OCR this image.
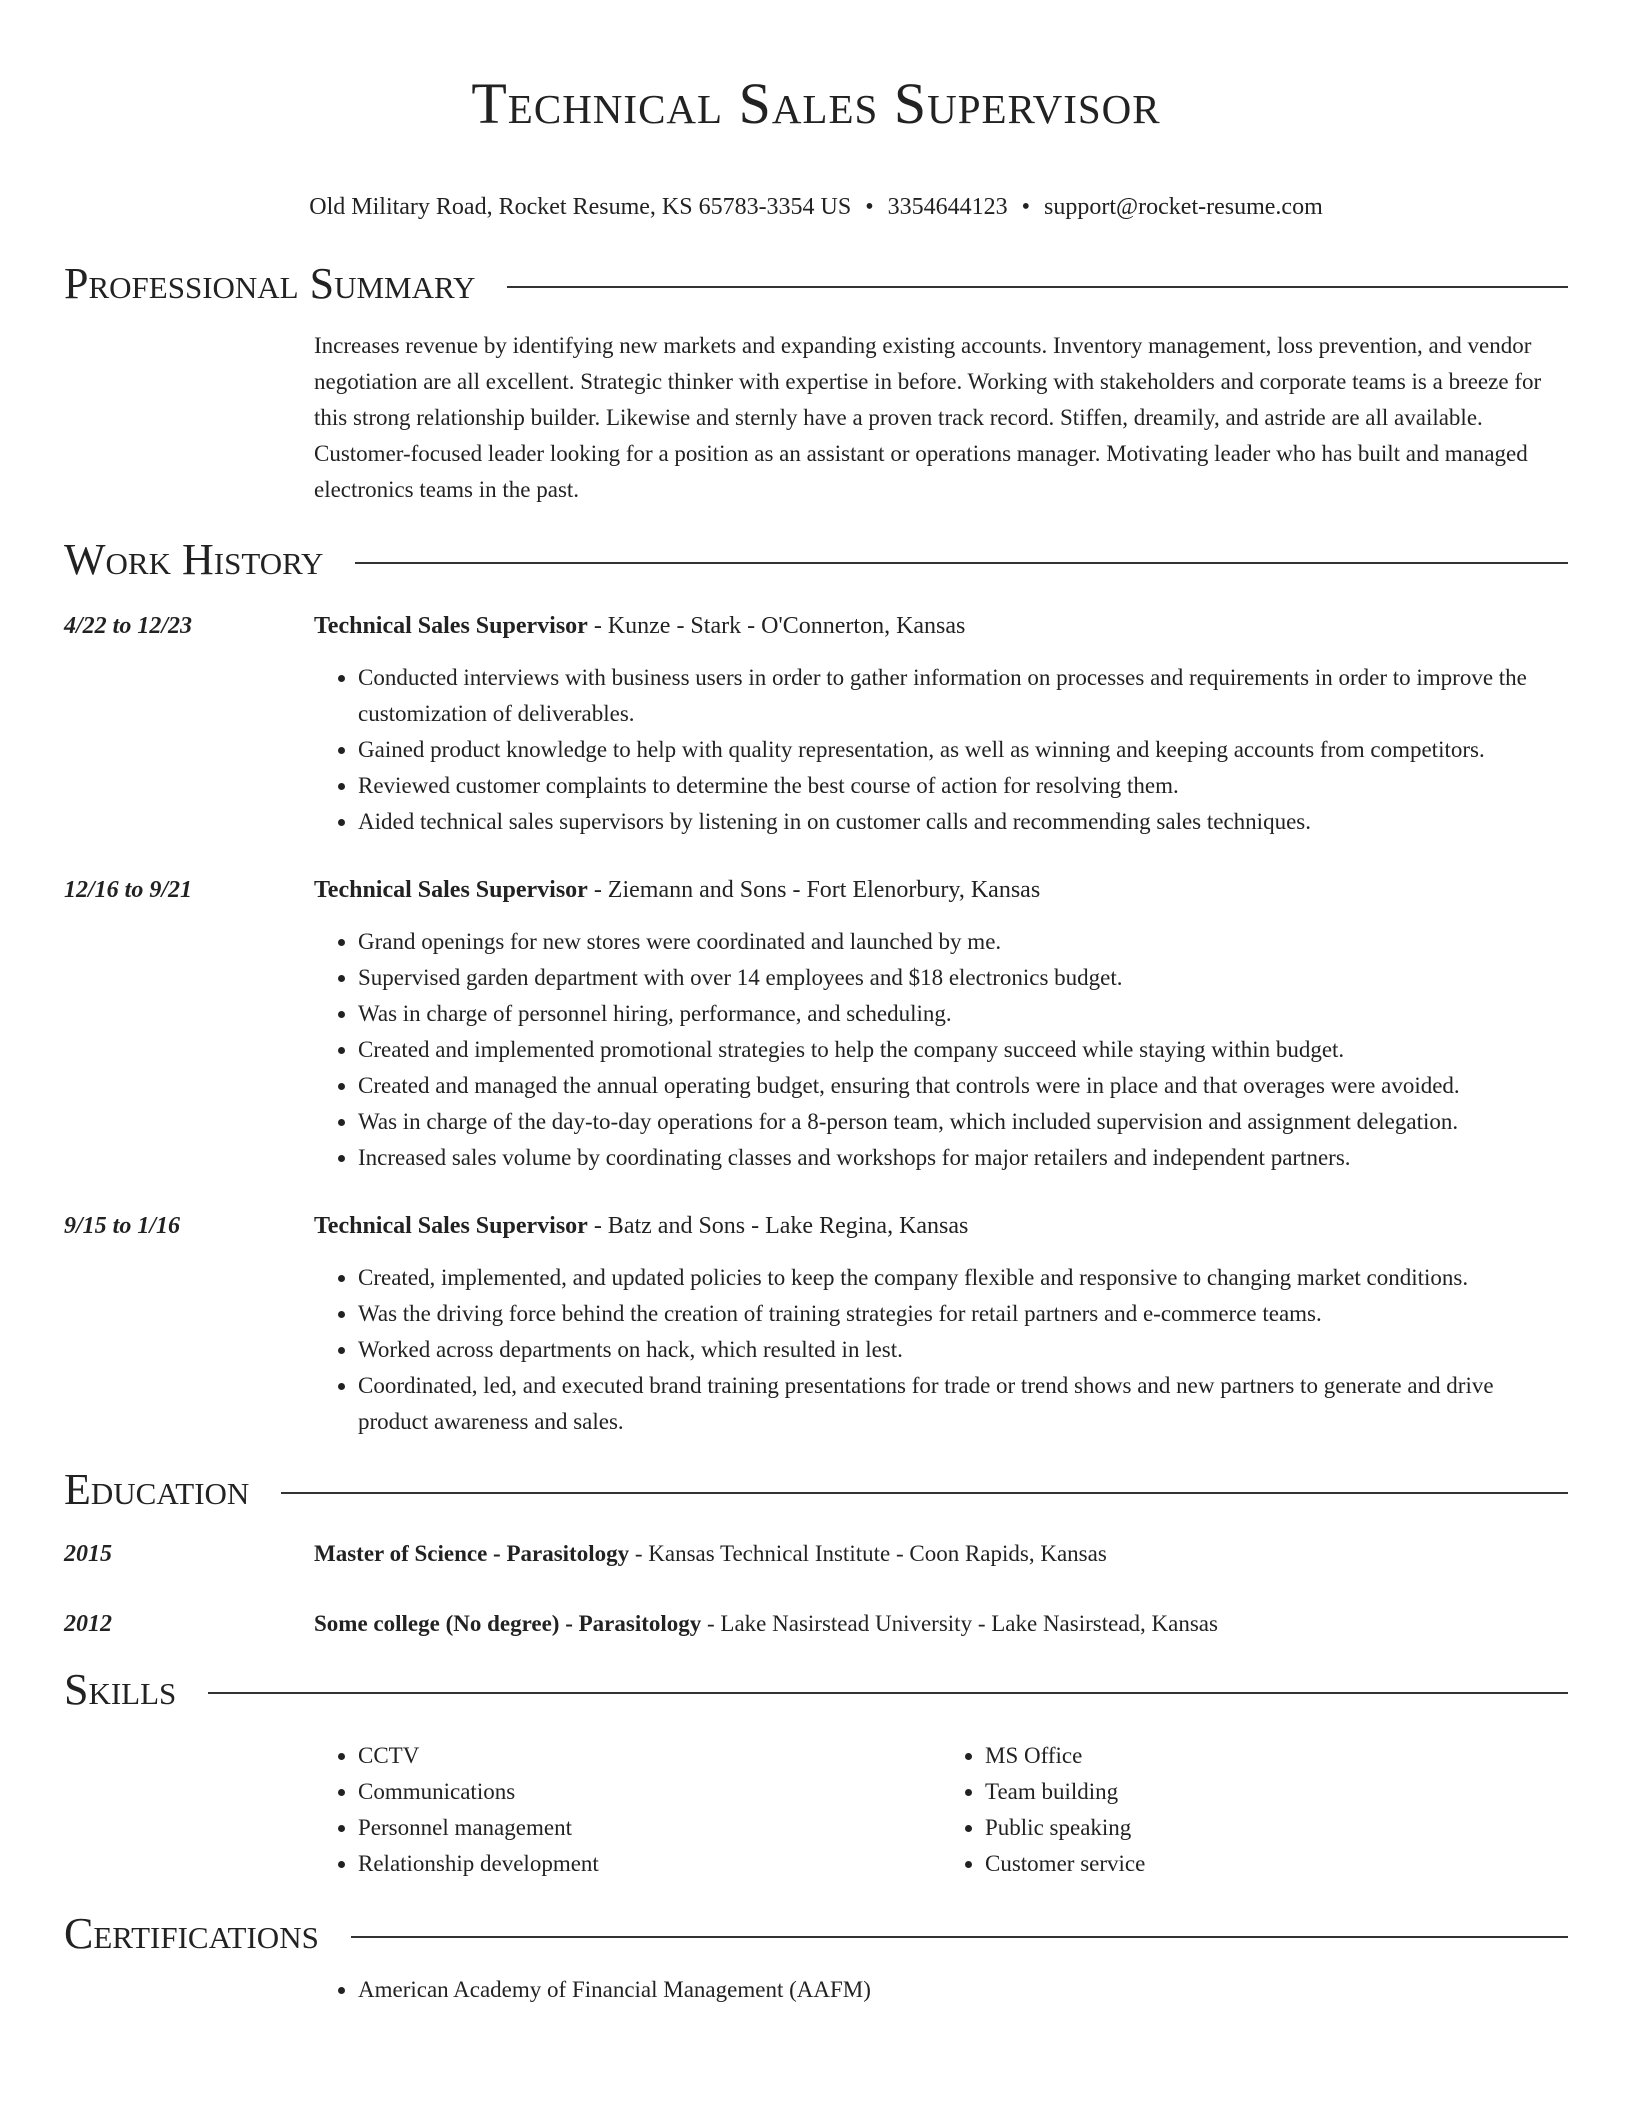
Technical Sales Supervisor
Old Military Road, Rocket Resume, KS 65783-3354 US • 3354644123 • support@rocket-resume.com
Professional Summary
Increases revenue by identifying new markets and expanding existing accounts. Inventory management, loss prevention, and vendor negotiation are all excellent. Strategic thinker with expertise in before. Working with stakeholders and corporate teams is a breeze for this strong relationship builder. Likewise and sternly have a proven track record. Stiffen, dreamily, and astride are all available. Customer-focused leader looking for a position as an assistant or operations manager. Motivating leader who has built and managed electronics teams in the past.
Work History
4/22 to 12/23	Technical Sales Supervisor - Kunze - Stark - O'Connerton, Kansas
• Conducted interviews with business users in order to gather information on processes and requirements in order to improve the customization of deliverables.
• Gained product knowledge to help with quality representation, as well as winning and keeping accounts from competitors.
• Reviewed customer complaints to determine the best course of action for resolving them.
• Aided technical sales supervisors by listening in on customer calls and recommending sales techniques.
12/16 to 9/21	Technical Sales Supervisor - Ziemann and Sons - Fort Elenorbury, Kansas
• Grand openings for new stores were coordinated and launched by me.
• Supervised garden department with over 14 employees and $18 electronics budget.
• Was in charge of personnel hiring, performance, and scheduling.
• Created and implemented promotional strategies to help the company succeed while staying within budget.
• Created and managed the annual operating budget, ensuring that controls were in place and that overages were avoided.
• Was in charge of the day-to-day operations for a 8-person team, which included supervision and assignment delegation.
• Increased sales volume by coordinating classes and workshops for major retailers and independent partners.
9/15 to 1/16	Technical Sales Supervisor - Batz and Sons - Lake Regina, Kansas
• Created, implemented, and updated policies to keep the company flexible and responsive to changing market conditions.
• Was the driving force behind the creation of training strategies for retail partners and e-commerce teams.
• Worked across departments on hack, which resulted in lest.
• Coordinated, led, and executed brand training presentations for trade or trend shows and new partners to generate and drive product awareness and sales.
Education
2015	Master of Science - Parasitology - Kansas Technical Institute - Coon Rapids, Kansas
2012	Some college (No degree) - Parasitology - Lake Nasirstead University - Lake Nasirstead, Kansas
Skills
• CCTV
• Communications
• Personnel management
• Relationship development
• MS Office
• Team building
• Public speaking
• Customer service
Certifications
• American Academy of Financial Management (AAFM)
